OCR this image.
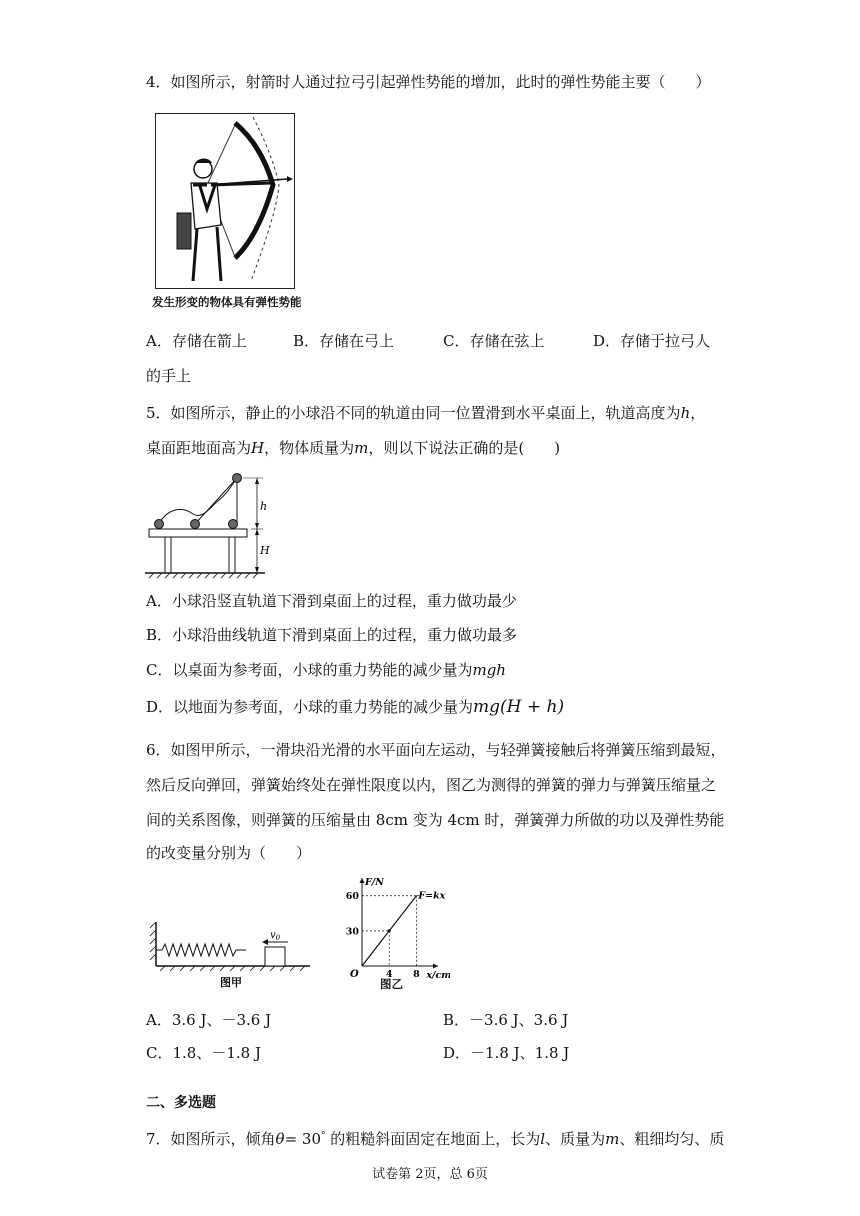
4．如图所示，射箭时人通过拉弓引起弹性势能的增加，此时的弹性势能主要（　　）
发生形变的物体具有弹性势能
A．存储在箭上	B．存储在弓上	C．存储在弦上	D．存储于拉弓人
的手上
5．如图所示，静止的小球沿不同的轨道由同一位置滑到水平桌面上，轨道高度为h，
桌面距地面高为H，物体质量为m，则以下说法正确的是(　　)
h
H
A．小球沿竖直轨道下滑到桌面上的过程，重力做功最少
B．小球沿曲线轨道下滑到桌面上的过程，重力做功最多
C．以桌面为参考面，小球的重力势能的减少量为mgh
D．以地面为参考面，小球的重力势能的减少量为mg(H + h)
6．如图甲所示，一滑块沿光滑的水平面向左运动，与轻弹簧接触后将弹簧压缩到最短，
然后反向弹回，弹簧始终处在弹性限度以内，图乙为测得的弹簧的弹力与弹簧压缩量之
间的关系图像，则弹簧的压缩量由 8cm 变为 4cm 时，弹簧弹力所做的功以及弹性势能
的改变量分别为（　　）
$v_0$
图甲
F/N
x/cm
O
F=kx
30
60
4 8
图乙
A．3.6 J、－3.6 J	B．－3.6 J、3.6 J
C．1.8、－1.8 J	D．－1.8 J、1.8 J
二、多选题
7．如图所示，倾角θ= 30° 的粗糙斜面固定在地面上，长为l、质量为m、粗细均匀、质
试卷第 2页，总 6页
